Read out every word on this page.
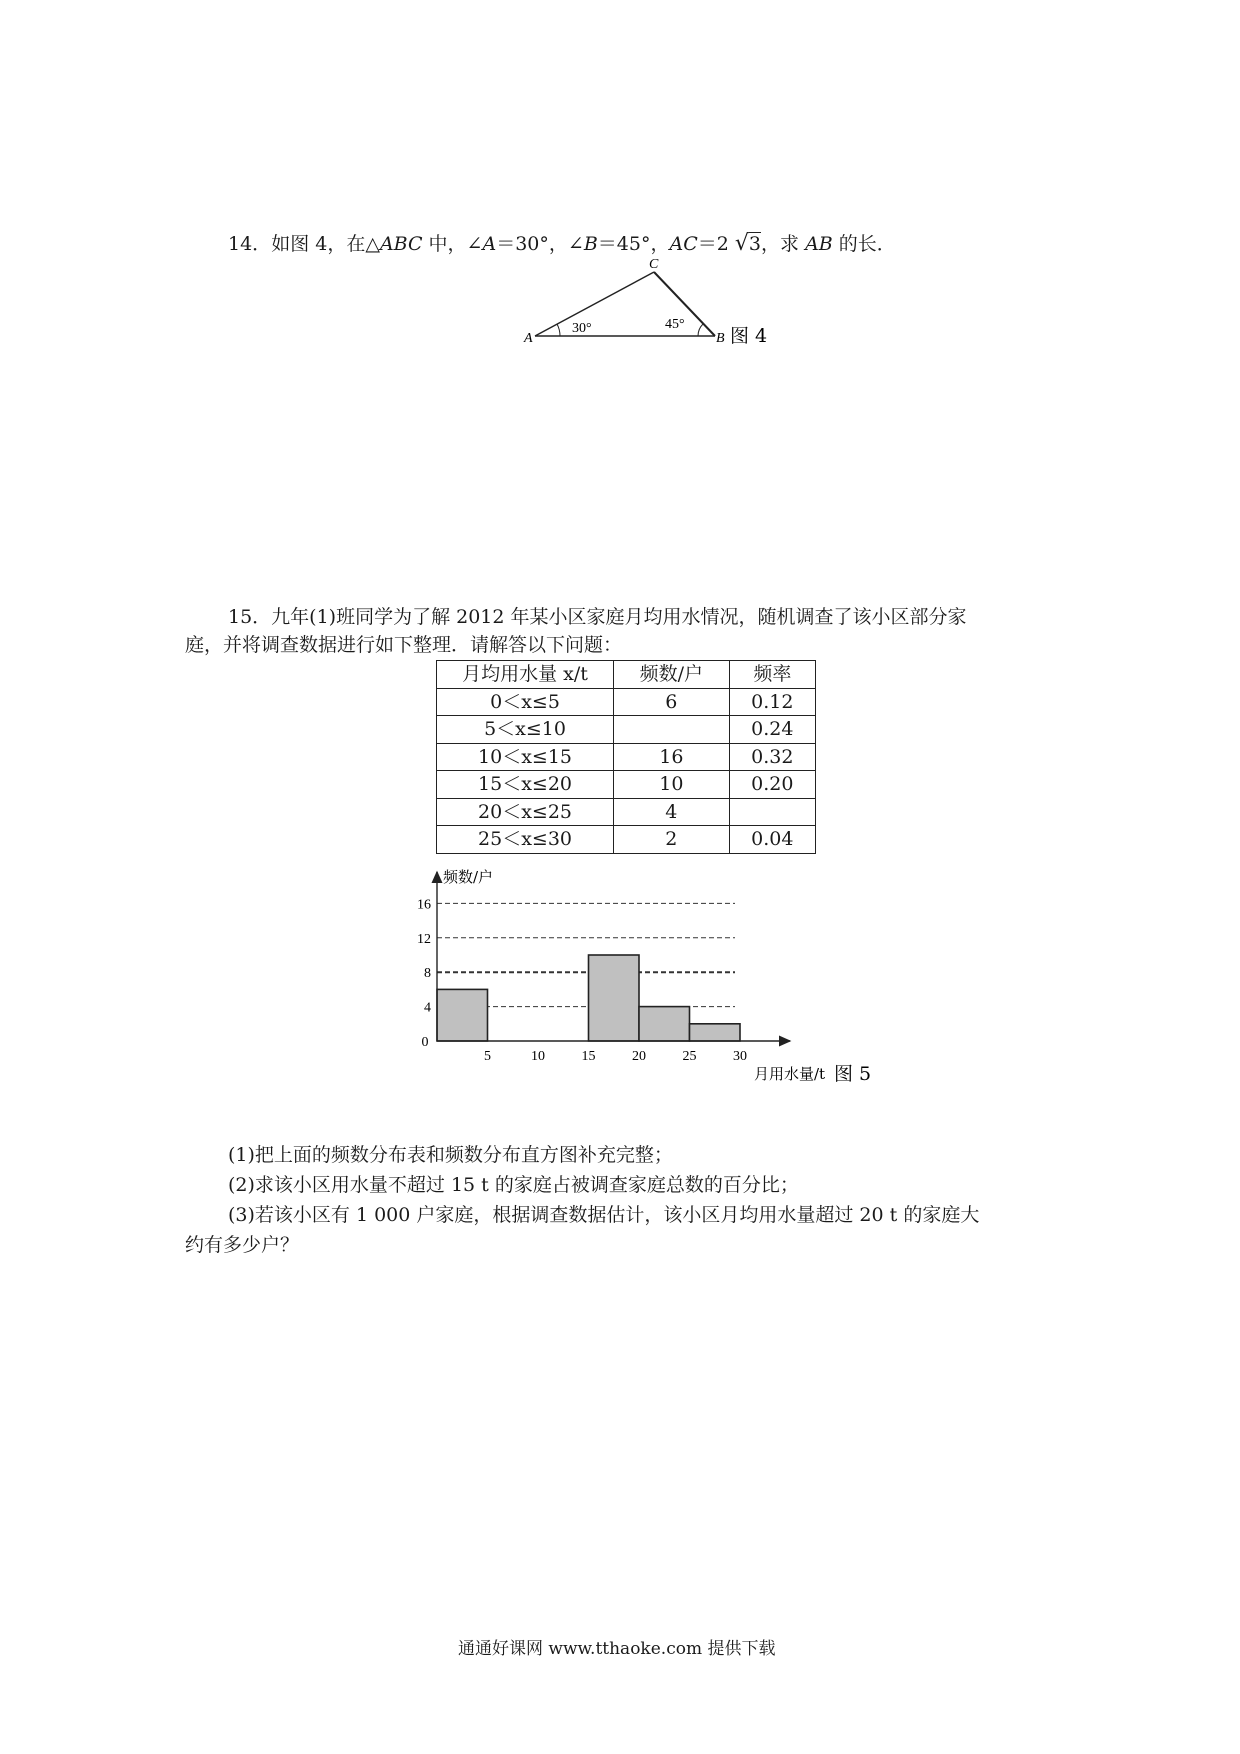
14．如图 4，在△ABC 中，∠A＝30°，∠B＝45°，AC＝2 √3，求 AB 的长．
A
C
B
30°	45°
图 4
15．九年(1)班同学为了解 2012 年某小区家庭月均用水情况，随机调查了该小区部分家
庭，并将调查数据进行如下整理．请解答以下问题：
月均用水量 x/t	频数/户	频率
0＜x≤5	6	0.12
5＜x≤10		0.24
10＜x≤15	16	0.32
15＜x≤20	10	0.20
20＜x≤25	4	
25＜x≤30	2	0.04
0
5	10	15	20	25	30
4
8
12
16
频数/户
月用水量/t 图 5
(1)把上面的频数分布表和频数分布直方图补充完整；
(2)求该小区用水量不超过 15 t 的家庭占被调查家庭总数的百分比；
(3)若该小区有 1 000 户家庭，根据调查数据估计，该小区月均用水量超过 20 t 的家庭大
约有多少户？
通通好课网 www.tthaoke.com 提供下载
